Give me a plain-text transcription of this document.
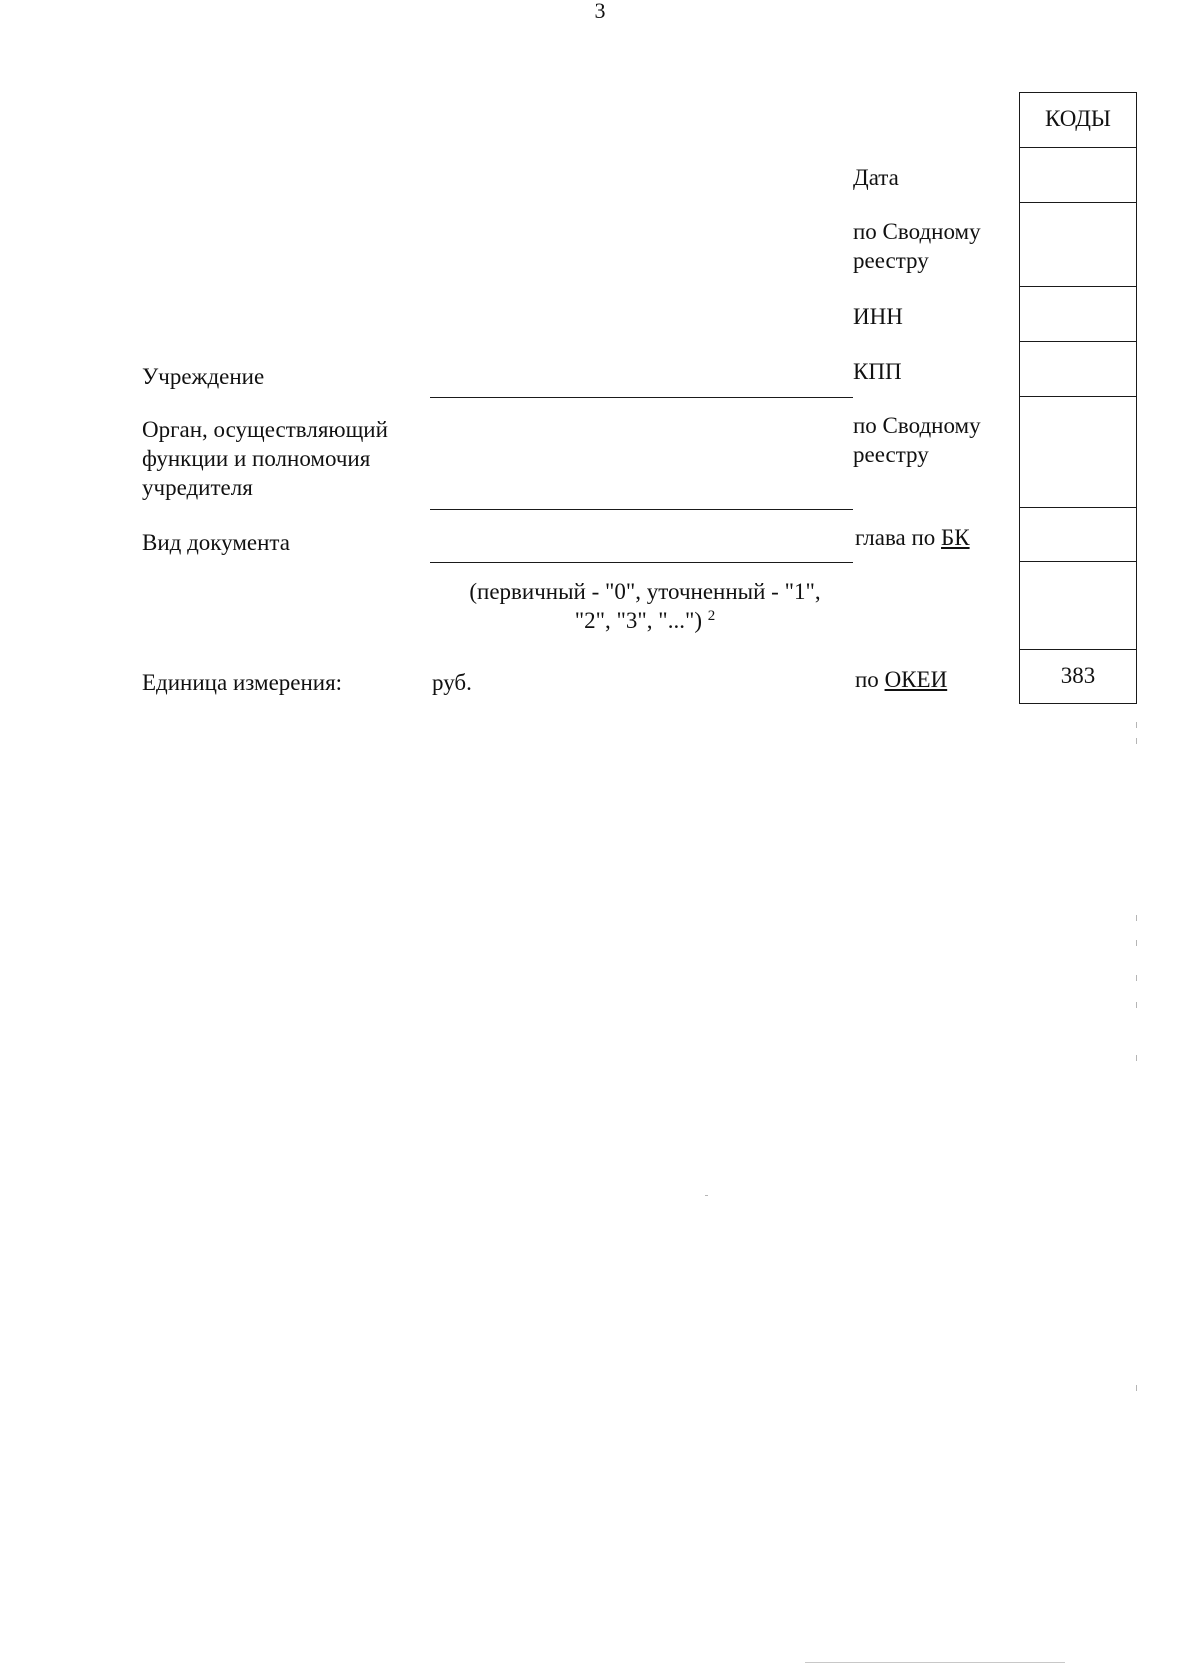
3
Учреждение
Орган, осуществляющий
функции и полномочия
учредителя
Вид документа
Единица измерения:
(первичный - "0", уточненный - "1",
"2", "3", "...") $^2$
руб.
Дата
по Сводному
реестру
ИНН
КПП
по Сводному
реестру
глава по БК
по ОКЕИ
КОДЫ
383
